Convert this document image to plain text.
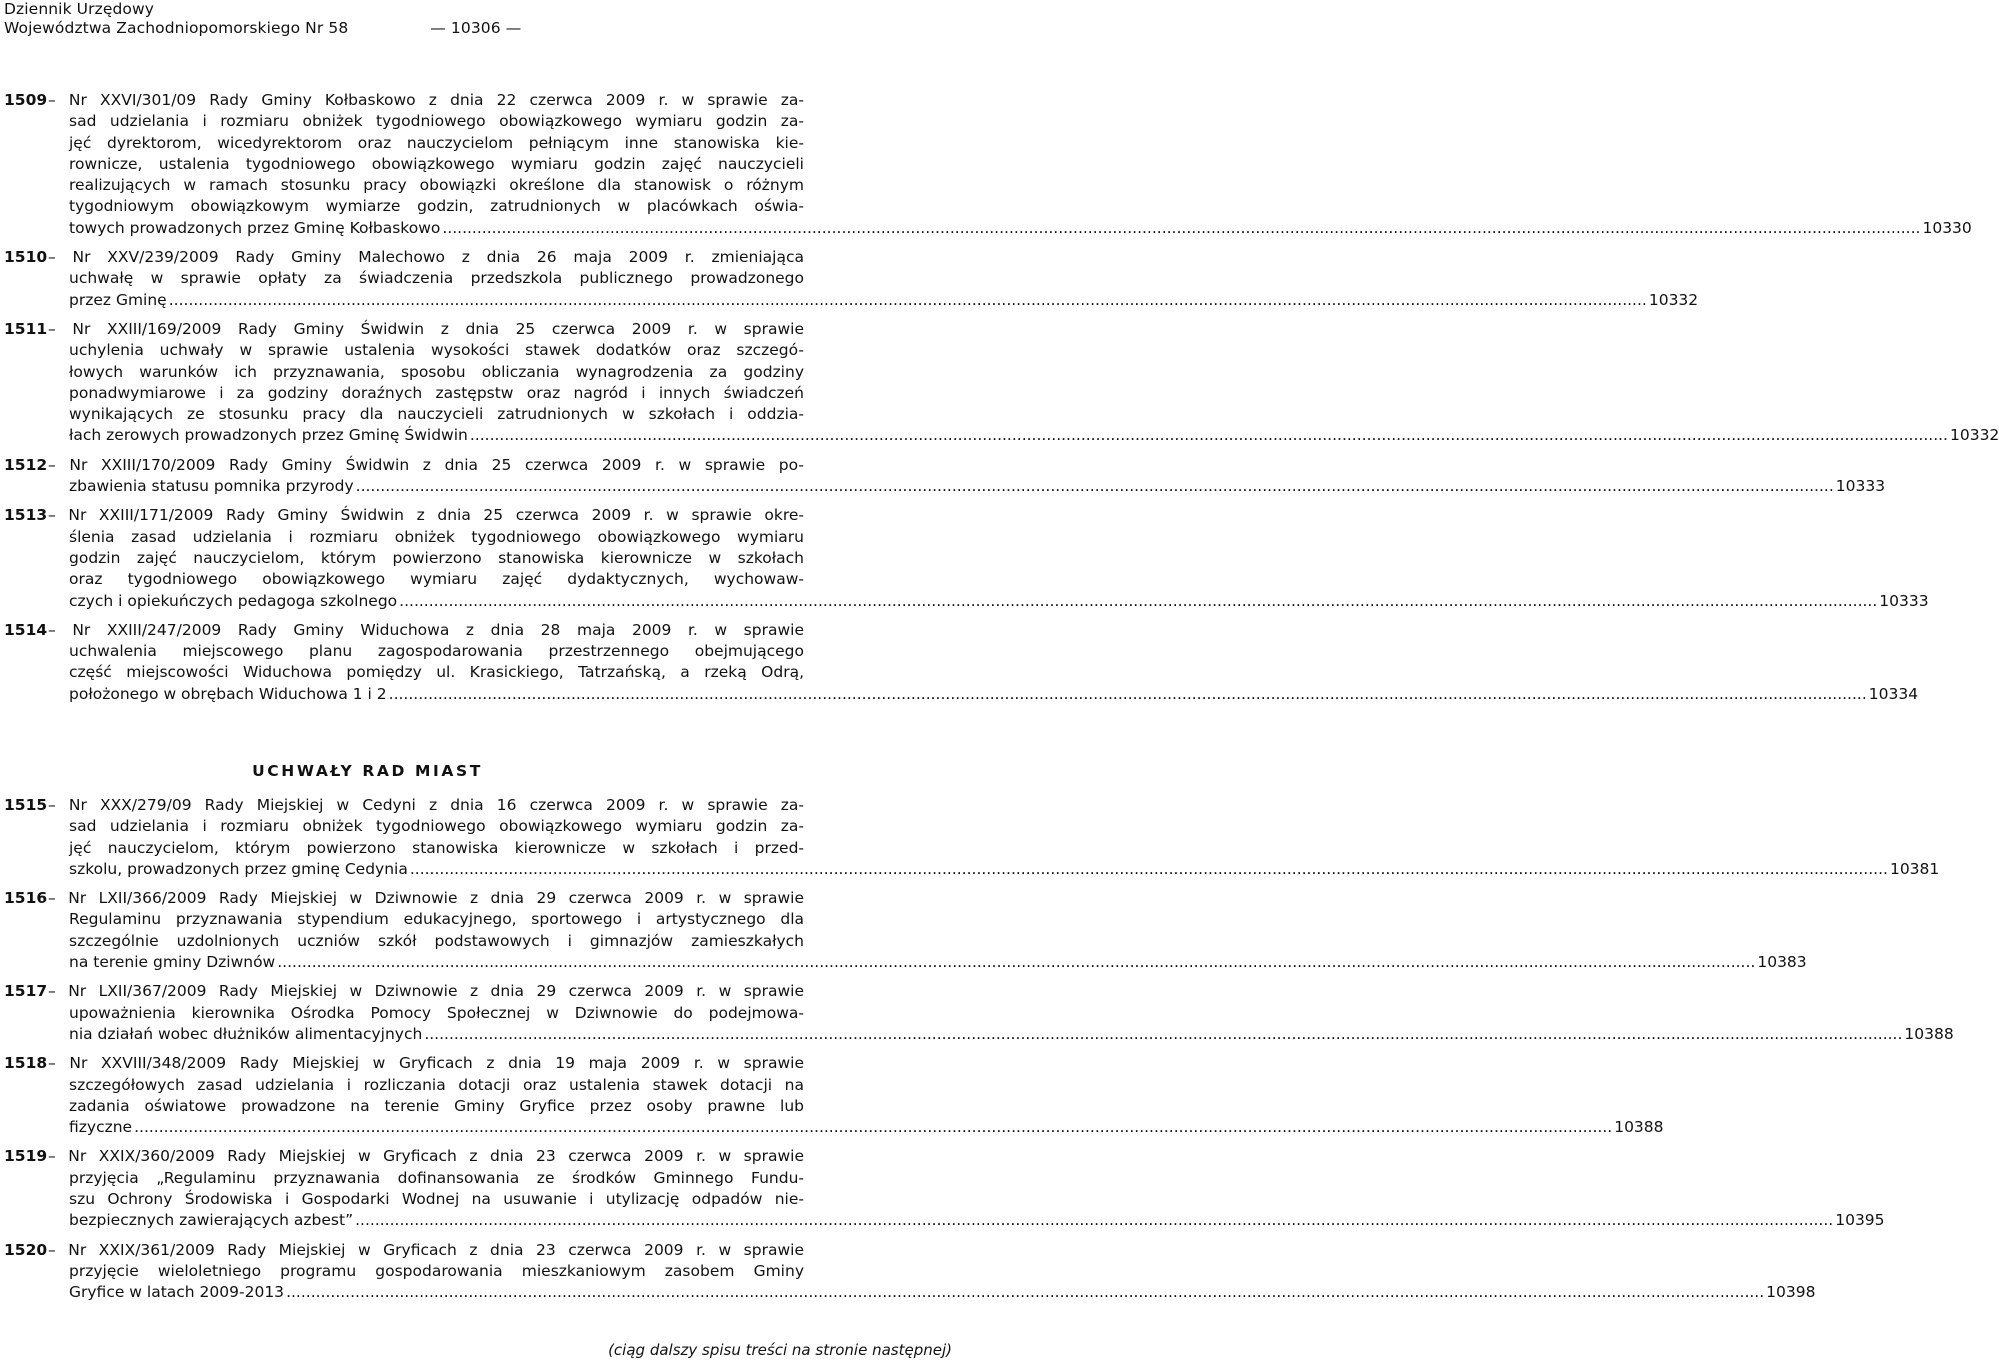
Dziennik Urzędowy
Województwa Zachodniopomorskiego Nr 58	— 10306 —
1509 – Nr XXVI/301/09 Rady Gminy Kołbaskowo z dnia 22 czerwca 2009 r. w sprawie za-
sad udzielania i rozmiaru obniżek tygodniowego obowiązkowego wymiaru godzin za-
jęć dyrektorom, wicedyrektorom oraz nauczycielom pełniącym inne stanowiska kie-
rownicze, ustalenia tygodniowego obowiązkowego wymiaru godzin zajęć nauczycieli
realizujących w ramach stosunku pracy obowiązki określone dla stanowisk o różnym
tygodniowym obowiązkowym wymiarze godzin, zatrudnionych w placówkach oświa-
towych prowadzonych przez Gminę Kołbaskowo ............................................................................................................................................................................................................................................................................................................ 10330
1510 – Nr XXV/239/2009 Rady Gminy Malechowo z dnia 26 maja 2009 r. zmieniająca
uchwałę w sprawie opłaty za świadczenia przedszkola publicznego prowadzonego
przez Gminę ............................................................................................................................................................................................................................................................................................................ 10332
1511 – Nr XXIII/169/2009 Rady Gminy Świdwin z dnia 25 czerwca 2009 r. w sprawie
uchylenia uchwały w sprawie ustalenia wysokości stawek dodatków oraz szczegó-
łowych warunków ich przyznawania, sposobu obliczania wynagrodzenia za godziny
ponadwymiarowe i za godziny doraźnych zastępstw oraz nagród i innych świadczeń
wynikających ze stosunku pracy dla nauczycieli zatrudnionych w szkołach i oddzia-
łach zerowych prowadzonych przez Gminę Świdwin ............................................................................................................................................................................................................................................................................................................ 10332
1512 – Nr XXIII/170/2009 Rady Gminy Świdwin z dnia 25 czerwca 2009 r. w sprawie po-
zbawienia statusu pomnika przyrody ............................................................................................................................................................................................................................................................................................................ 10333
1513 – Nr XXIII/171/2009 Rady Gminy Świdwin z dnia 25 czerwca 2009 r. w sprawie okre-
ślenia zasad udzielania i rozmiaru obniżek tygodniowego obowiązkowego wymiaru
godzin zajęć nauczycielom, którym powierzono stanowiska kierownicze w szkołach
oraz tygodniowego obowiązkowego wymiaru zajęć dydaktycznych, wychowaw-
czych i opiekuńczych pedagoga szkolnego ............................................................................................................................................................................................................................................................................................................ 10333
1514 – Nr XXIII/247/2009 Rady Gminy Widuchowa z dnia 28 maja 2009 r. w sprawie
uchwalenia miejscowego planu zagospodarowania przestrzennego obejmującego
część miejscowości Widuchowa pomiędzy ul. Krasickiego, Tatrzańską, a rzeką Odrą,
położonego w obrębach Widuchowa 1 i 2 ............................................................................................................................................................................................................................................................................................................ 10334
UCHWAŁY RAD MIAST
1515 – Nr XXX/279/09 Rady Miejskiej w Cedyni z dnia 16 czerwca 2009 r. w sprawie za-
sad udzielania i rozmiaru obniżek tygodniowego obowiązkowego wymiaru godzin za-
jęć nauczycielom, którym powierzono stanowiska kierownicze w szkołach i przed-
szkolu, prowadzonych przez gminę Cedynia ............................................................................................................................................................................................................................................................................................................ 10381
1516 – Nr LXII/366/2009 Rady Miejskiej w Dziwnowie z dnia 29 czerwca 2009 r. w sprawie
Regulaminu przyznawania stypendium edukacyjnego, sportowego i artystycznego dla
szczególnie uzdolnionych uczniów szkół podstawowych i gimnazjów zamieszkałych
na terenie gminy Dziwnów ............................................................................................................................................................................................................................................................................................................ 10383
1517 – Nr LXII/367/2009 Rady Miejskiej w Dziwnowie z dnia 29 czerwca 2009 r. w sprawie
upoważnienia kierownika Ośrodka Pomocy Społecznej w Dziwnowie do podejmowa-
nia działań wobec dłużników alimentacyjnych ............................................................................................................................................................................................................................................................................................................ 10388
1518 – Nr XXVIII/348/2009 Rady Miejskiej w Gryficach z dnia 19 maja 2009 r. w sprawie
szczegółowych zasad udzielania i rozliczania dotacji oraz ustalenia stawek dotacji na
zadania oświatowe prowadzone na terenie Gminy Gryfice przez osoby prawne lub
fizyczne ............................................................................................................................................................................................................................................................................................................ 10388
1519 – Nr XXIX/360/2009 Rady Miejskiej w Gryficach z dnia 23 czerwca 2009 r. w sprawie
przyjęcia „Regulaminu przyznawania dofinansowania ze środków Gminnego Fundu-
szu Ochrony Środowiska i Gospodarki Wodnej na usuwanie i utylizację odpadów nie-
bezpiecznych zawierających azbest” ............................................................................................................................................................................................................................................................................................................ 10395
1520 – Nr XXIX/361/2009 Rady Miejskiej w Gryficach z dnia 23 czerwca 2009 r. w sprawie
przyjęcie wieloletniego programu gospodarowania mieszkaniowym zasobem Gminy
Gryfice w latach 2009-2013 ............................................................................................................................................................................................................................................................................................................ 10398
(ciąg dalszy spisu treści na stronie następnej)
